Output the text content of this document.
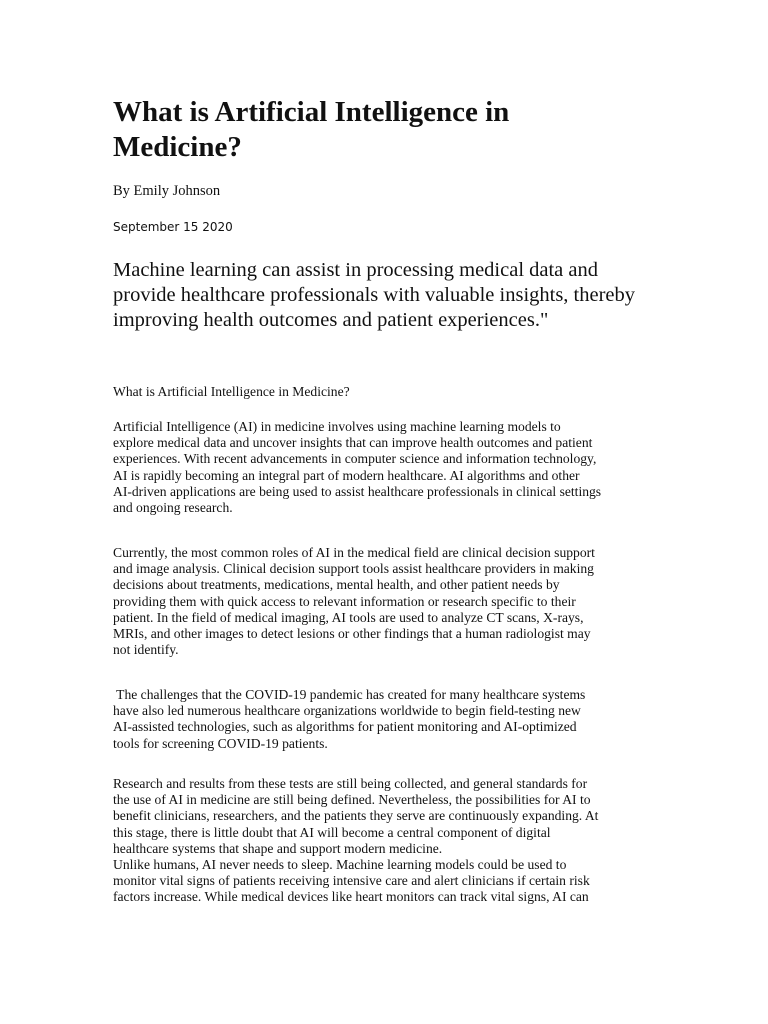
What is Artificial Intelligence in
Medicine?
By Emily Johnson
September 15 2020
Machine learning can assist in processing medical data and
provide healthcare professionals with valuable insights, thereby
improving health outcomes and patient experiences."
What is Artificial Intelligence in Medicine?
Artificial Intelligence (AI) in medicine involves using machine learning models to
explore medical data and uncover insights that can improve health outcomes and patient
experiences. With recent advancements in computer science and information technology,
AI is rapidly becoming an integral part of modern healthcare. AI algorithms and other
AI-driven applications are being used to assist healthcare professionals in clinical settings
and ongoing research.
Currently, the most common roles of AI in the medical field are clinical decision support
and image analysis. Clinical decision support tools assist healthcare providers in making
decisions about treatments, medications, mental health, and other patient needs by
providing them with quick access to relevant information or research specific to their
patient. In the field of medical imaging, AI tools are used to analyze CT scans, X-rays,
MRIs, and other images to detect lesions or other findings that a human radiologist may
not identify.
The challenges that the COVID-19 pandemic has created for many healthcare systems
have also led numerous healthcare organizations worldwide to begin field-testing new
AI-assisted technologies, such as algorithms for patient monitoring and AI-optimized
tools for screening COVID-19 patients.
Research and results from these tests are still being collected, and general standards for
the use of AI in medicine are still being defined. Nevertheless, the possibilities for AI to
benefit clinicians, researchers, and the patients they serve are continuously expanding. At
this stage, there is little doubt that AI will become a central component of digital
healthcare systems that shape and support modern medicine.
Unlike humans, AI never needs to sleep. Machine learning models could be used to
monitor vital signs of patients receiving intensive care and alert clinicians if certain risk
factors increase. While medical devices like heart monitors can track vital signs, AI can
